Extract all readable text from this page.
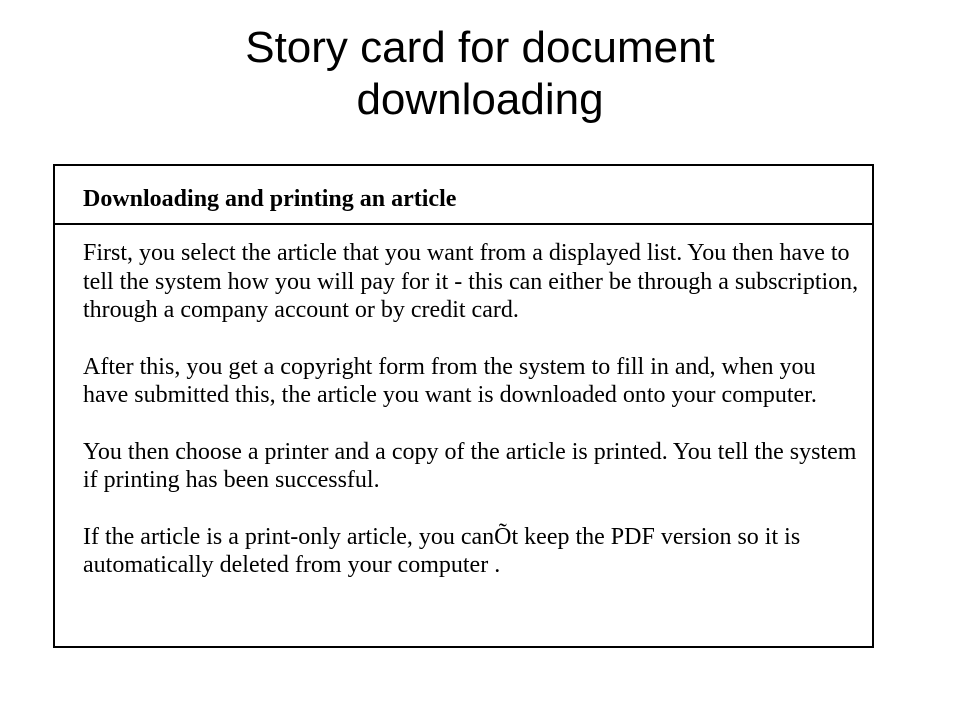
Story card for document
downloading
Downloading and printing an article

First, you select the article that you want from a displayed list. You then have to tell the system how you will pay for it - this can either be through a subscription, through a company account or by credit card.

After this, you get a copyright form from the system to fill in and, when you have submitted this, the article you want is downloaded onto your computer.

You then choose a printer and a copy of the article is printed. You tell the system if printing has been successful.

If the article is a print-only article, you canÕt keep the PDF version so it is automatically deleted from your computer .
